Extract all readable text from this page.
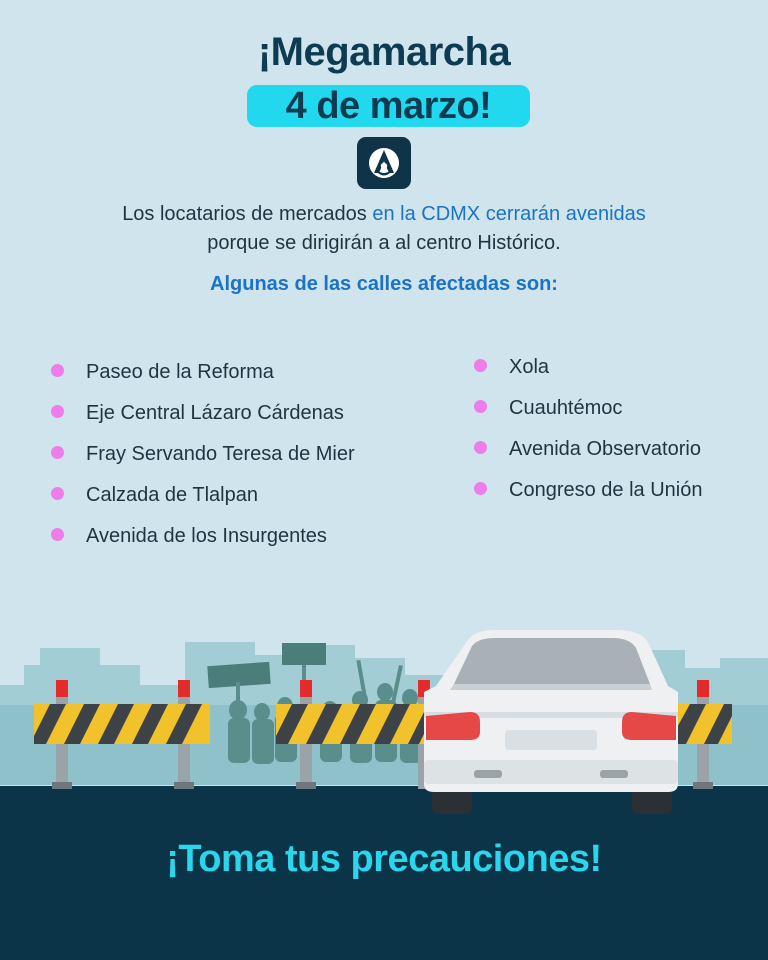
¡Megamarcha
4 de marzo!
Los locatarios de mercados en la CDMX cerrarán avenidas
porque se dirigirán a al centro Histórico.
Algunas de las calles afectadas son:
Paseo de la Reforma
Eje Central Lázaro Cárdenas
Fray Servando Teresa de Mier
Calzada de Tlalpan
Avenida de los Insurgentes
Xola
Cuauhtémoc
Avenida Observatorio
Congreso de la Unión
¡Toma tus precauciones!
